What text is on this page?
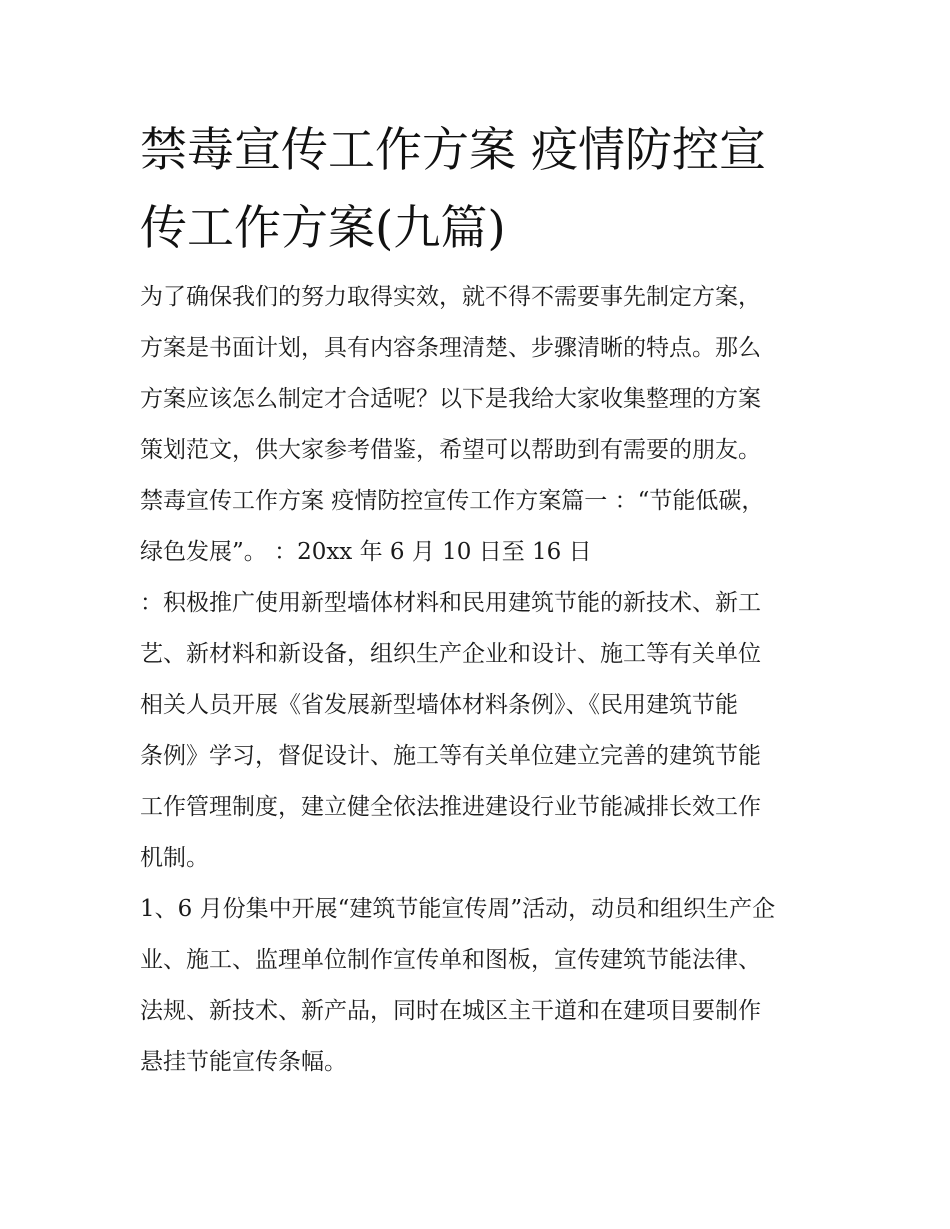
禁毒宣传工作方案 疫情防控宣
传工作方案(九篇)
为了确保我们的努力取得实效，就不得不需要事先制定方案，
方案是书面计划，具有内容条理清楚、步骤清晰的特点。那么
方案应该怎么制定才合适呢？以下是我给大家收集整理的方案
策划范文，供大家参考借鉴，希望可以帮助到有需要的朋友。
禁毒宣传工作方案 疫情防控宣传工作方案篇一 ：“节能低碳，
绿色发展”。 ：20xx 年 6 月 10 日至 16 日
：积极推广使用新型墙体材料和民用建筑节能的新技术、新工
艺、新材料和新设备，组织生产企业和设计、施工等有关单位
相关人员开展《省发展新型墙体材料条例》、《民用建筑节能
条例》学习，督促设计、施工等有关单位建立完善的建筑节能
工作管理制度，建立健全依法推进建设行业节能减排长效工作
机制。
1、6 月份集中开展“建筑节能宣传周”活动，动员和组织生产企
业、施工、监理单位制作宣传单和图板，宣传建筑节能法律、
法规、新技术、新产品，同时在城区主干道和在建项目要制作
悬挂节能宣传条幅。
